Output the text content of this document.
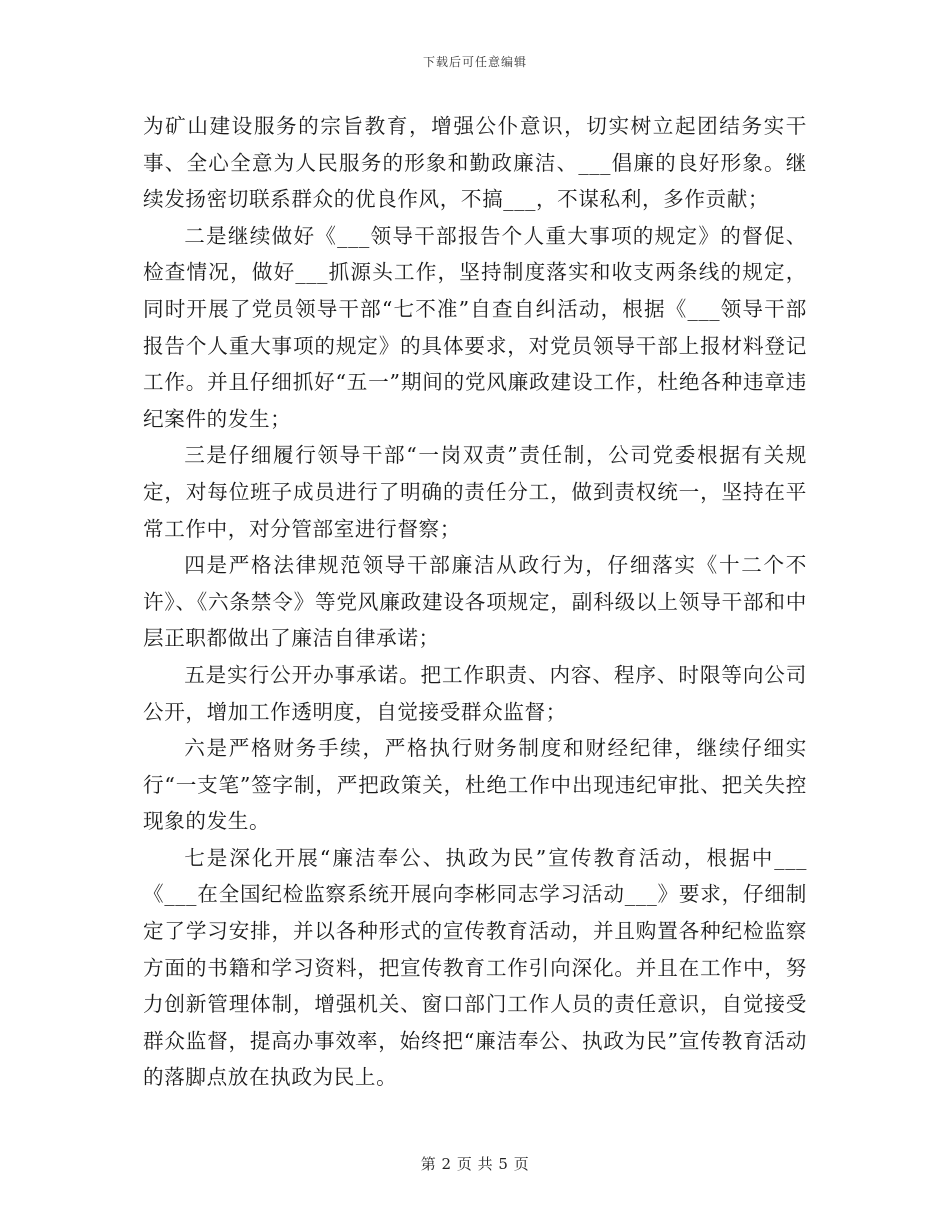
下载后可任意编辑

为矿山建设服务的宗旨教育，增强公仆意识，切实树立起团结务实干事、全心全意为人民服务的形象和勤政廉洁、___倡廉的良好形象。继续发扬密切联系群众的优良作风，不搞___，不谋私利，多作贡献；

二是继续做好《___领导干部报告个人重大事项的规定》的督促、检查情况，做好___抓源头工作，坚持制度落实和收支两条线的规定，同时开展了党员领导干部“七不准”自查自纠活动，根据《___领导干部报告个人重大事项的规定》的具体要求，对党员领导干部上报材料登记工作。并且仔细抓好“五一”期间的党风廉政建设工作，杜绝各种违章违纪案件的发生；

三是仔细履行领导干部“一岗双责”责任制，公司党委根据有关规定，对每位班子成员进行了明确的责任分工，做到责权统一，坚持在平常工作中，对分管部室进行督察；

四是严格法律规范领导干部廉洁从政行为，仔细落实《十二个不许》、《六条禁令》等党风廉政建设各项规定，副科级以上领导干部和中层正职都做出了廉洁自律承诺；

五是实行公开办事承诺。把工作职责、内容、程序、时限等向公司公开，增加工作透明度，自觉接受群众监督；

六是严格财务手续，严格执行财务制度和财经纪律，继续仔细实行“一支笔”签字制，严把政策关，杜绝工作中出现违纪审批、把关失控现象的发生。

七是深化开展“廉洁奉公、执政为民”宣传教育活动，根据中___《___在全国纪检监察系统开展向李彬同志学习活动___》要求，仔细制定了学习安排，并以各种形式的宣传教育活动，并且购置各种纪检监察方面的书籍和学习资料，把宣传教育工作引向深化。并且在工作中，努力创新管理体制，增强机关、窗口部门工作人员的责任意识，自觉接受群众监督，提高办事效率，始终把“廉洁奉公、执政为民”宣传教育活动的落脚点放在执政为民上。

第 2 页 共 5 页
